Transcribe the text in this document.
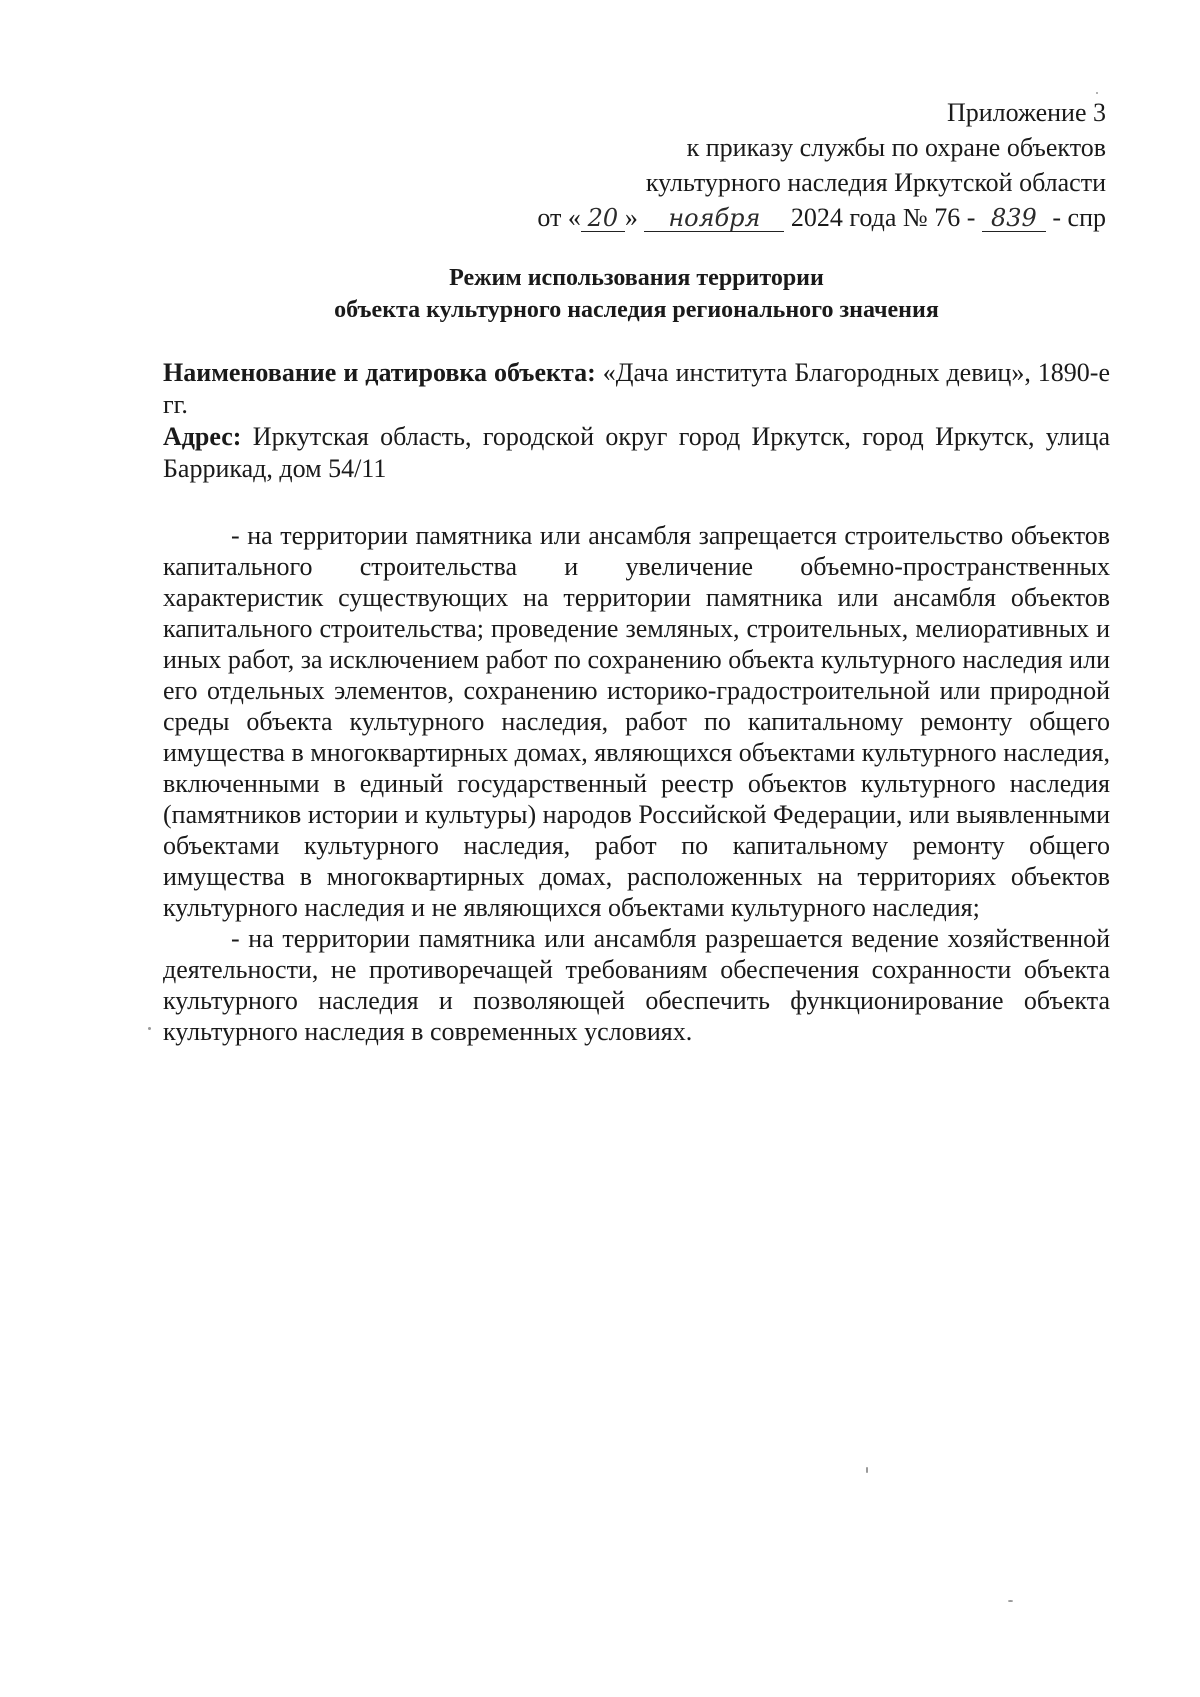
Приложение 3
к приказу службы по охране объектов
культурного наследия Иркутской области
от « 20 » ноября 2024 года № 76 - 839 - спр
Режим использования территории
объекта культурного наследия регионального значения

Наименование и датировка объекта: «Дача института Благородных девиц», 1890-е гг.

Адрес: Иркутская область, городской округ город Иркутск, город Иркутск, улица Баррикад, дом 54/11

- на территории памятника или ансамбля запрещается строительство объектов капитального строительства и увеличение объемно-пространственных характеристик существующих на территории памятника или ансамбля объектов капитального строительства; проведение земляных, строительных, мелиоративных и иных работ, за исключением работ по сохранению объекта культурного наследия или его отдельных элементов, сохранению историко-градостроительной или природной среды объекта культурного наследия, работ по капитальному ремонту общего имущества в многоквартирных домах, являющихся объектами культурного наследия, включенными в единый государственный реестр объектов культурного наследия (памятников истории и культуры) народов Российской Федерации, или выявленными объектами культурного наследия, работ по капитальному ремонту общего имущества в многоквартирных домах, расположенных на территориях объектов культурного наследия и не являющихся объектами культурного наследия;

- на территории памятника или ансамбля разрешается ведение хозяйственной деятельности, не противоречащей требованиям обеспечения сохранности объекта культурного наследия и позволяющей обеспечить функционирование объекта культурного наследия в современных условиях.
